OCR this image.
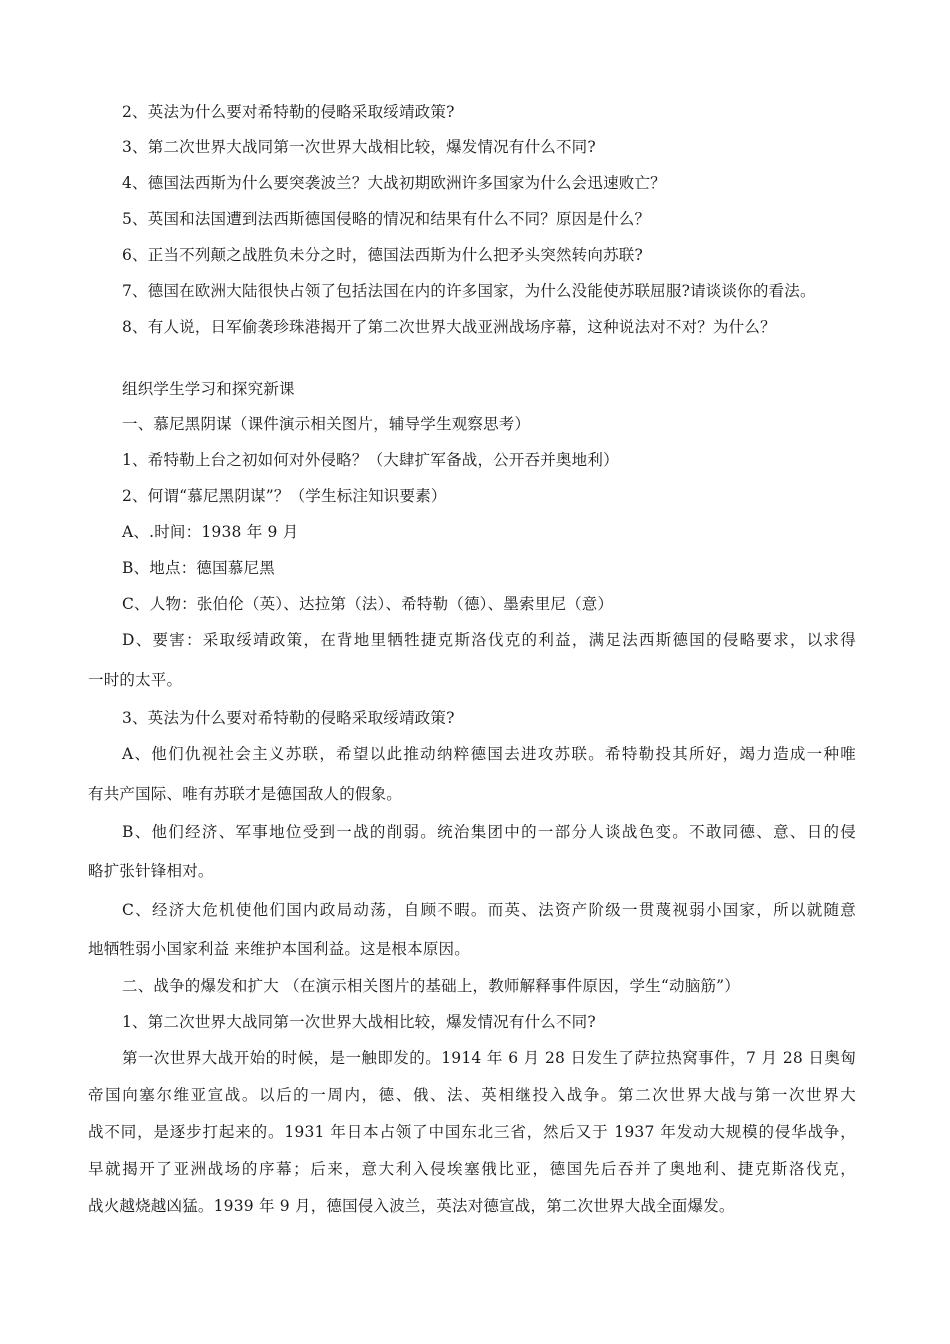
2、英法为什么要对希特勒的侵略采取绥靖政策?
3、第二次世界大战同第一次世界大战相比较，爆发情况有什么不同?
4、德国法西斯为什么要突袭波兰？大战初期欧洲许多国家为什么会迅速败亡？
5、英国和法国遭到法西斯德国侵略的情况和结果有什么不同？原因是什么？
6、正当不列颠之战胜负未分之时，德国法西斯为什么把矛头突然转向苏联?
7、德国在欧洲大陆很快占领了包括法国在内的许多国家，为什么没能使苏联屈服?请谈谈你的看法。
8、有人说，日军偷袭珍珠港揭开了第二次世界大战亚洲战场序幕，这种说法对不对？为什么？
组织学生学习和探究新课
一、慕尼黑阴谋（课件演示相关图片，辅导学生观察思考）
1、希特勒上台之初如何对外侵略？（大肆扩军备战，公开吞并奥地利）
2、何谓“慕尼黑阴谋”？（学生标注知识要素）
A、.时间：1938 年 9 月
B、地点：德国慕尼黑
C、人物：张伯伦（英）、达拉第（法）、希特勒（德）、墨索里尼（意）
D、要害：采取绥靖政策，在背地里牺牲捷克斯洛伐克的利益，满足法西斯德国的侵略要求，以求得
一时的太平。
3、英法为什么要对希特勒的侵略采取绥靖政策?
A、他们仇视社会主义苏联，希望以此推动纳粹德国去进攻苏联。希特勒投其所好，竭力造成一种唯
有共产国际、唯有苏联才是德国敌人的假象。
B、他们经济、军事地位受到一战的削弱。统治集团中的一部分人谈战色变。不敢同德、意、日的侵
略扩张针锋相对。
C、经济大危机使他们国内政局动荡，自顾不暇。而英、法资产阶级一贯蔑视弱小国家，所以就随意
地牺牲弱小国家利益 来维护本国利益。这是根本原因。
二、战争的爆发和扩大 （在演示相关图片的基础上，教师解释事件原因，学生“动脑筋”）
1、第二次世界大战同第一次世界大战相比较，爆发情况有什么不同?
第一次世界大战开始的时候，是一触即发的。1914 年 6 月 28 日发生了萨拉热窝事件，7 月 28 日奥匈
帝国向塞尔维亚宣战。以后的一周内，德、俄、法、英相继投入战争。第二次世界大战与第一次世界大
战不同，是逐步打起来的。1931 年日本占领了中国东北三省，然后又于 1937 年发动大规模的侵华战争，
早就揭开了亚洲战场的序幕；后来，意大利入侵埃塞俄比亚，德国先后吞并了奥地利、捷克斯洛伐克，
战火越烧越凶猛。1939 年 9 月，德国侵入波兰，英法对德宣战，第二次世界大战全面爆发。
